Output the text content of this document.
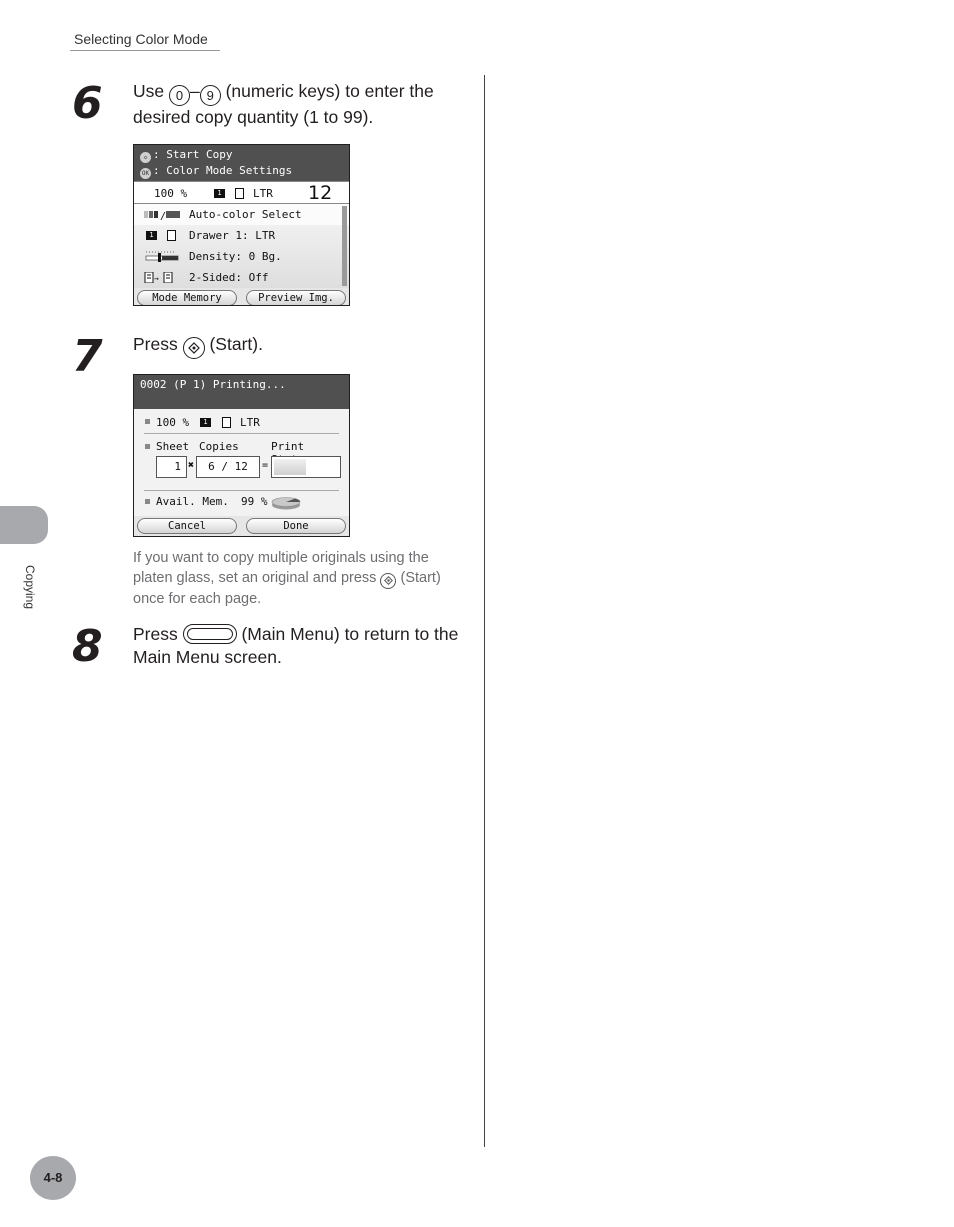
Selecting Color Mode
6 Use 0 – 9 (numeric keys) to enter the desired copy quantity (1 to 99).
◇ : Start Copy
OK : Color Mode Settings
100 %	1	LTR 12
/ Auto-color Select
1	Drawer 1: LTR
Density: 0 Bg.
→	2-Sided: Off
Mode Memory	Preview Img.
7 Press (Start).
0002 (P 1) Printing...
100 %	1	LTR
Sheet Copies	Print
1 ✖	6 / 12	=
Avail. Mem. 99 %
Cancel	Done
If you want to copy multiple originals using the platen glass, set an original and press (Start) once for each page.
8 Press	(Main Menu) to return to the Main Menu screen.
Copying
4-8
